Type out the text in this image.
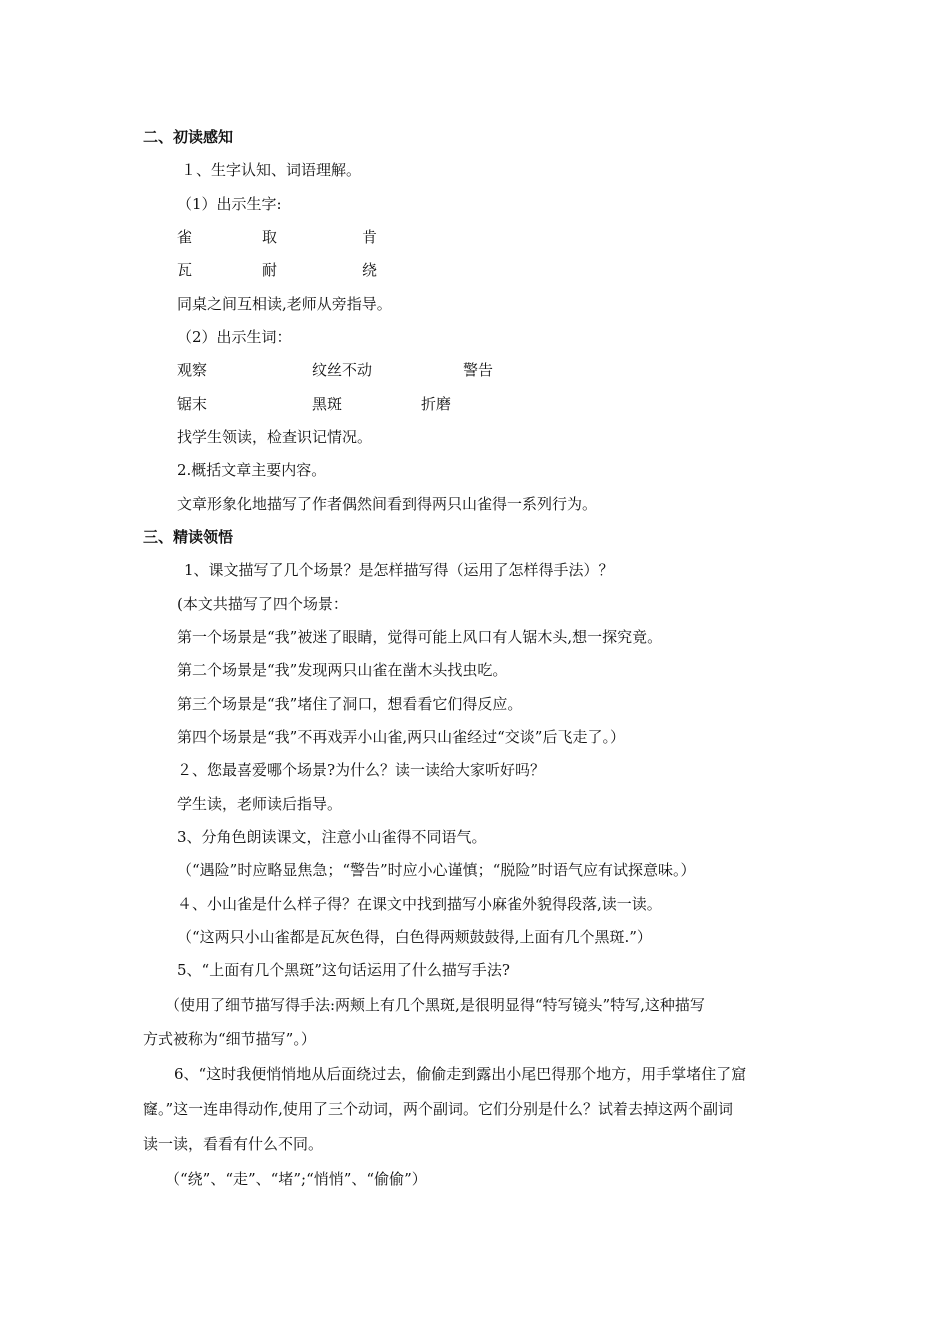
二、初读感知
１、生字认知、词语理解。
（1）出示生字:
雀	取	肯
瓦	耐	绕
同桌之间互相读,老师从旁指导。
（2）出示生词：
观察	纹丝不动	警告
锯末	黑斑	折磨
找学生领读，检查识记情况。
2.概括文章主要内容。
文章形象化地描写了作者偶然间看到得两只山雀得一系列行为。
三、精读领悟
1、课文描写了几个场景？是怎样描写得（运用了怎样得手法）？
(本文共描写了四个场景：
第一个场景是“我”被迷了眼睛，觉得可能上风口有人锯木头,想一探究竟。
第二个场景是“我”发现两只山雀在凿木头找虫吃。
第三个场景是“我”堵住了洞口，想看看它们得反应。
第四个场景是“我”不再戏弄小山雀,两只山雀经过“交谈”后飞走了。）
２、您最喜爱哪个场景?为什么？读一读给大家听好吗？
学生读，老师读后指导。
3、分角色朗读课文，注意小山雀得不同语气。
（“遇险”时应略显焦急；“警告”时应小心谨慎；“脱险”时语气应有试探意味。）
４、小山雀是什么样子得？在课文中找到描写小麻雀外貌得段落,读一读。
（“这两只小山雀都是瓦灰色得，白色得两颊鼓鼓得,上面有几个黑斑.”）
5、“上面有几个黑斑”这句话运用了什么描写手法?
（使用了细节描写得手法:两颊上有几个黑斑,是很明显得“特写镜头”特写,这种描写
方式被称为“细节描写”。）
6、“这时我便悄悄地从后面绕过去，偷偷走到露出小尾巴得那个地方，用手掌堵住了窟
窿。”这一连串得动作,使用了三个动词，两个副词。它们分别是什么？试着去掉这两个副词
读一读，看看有什么不同。
（“绕”、“走”、“堵”;“悄悄”、“偷偷”）
